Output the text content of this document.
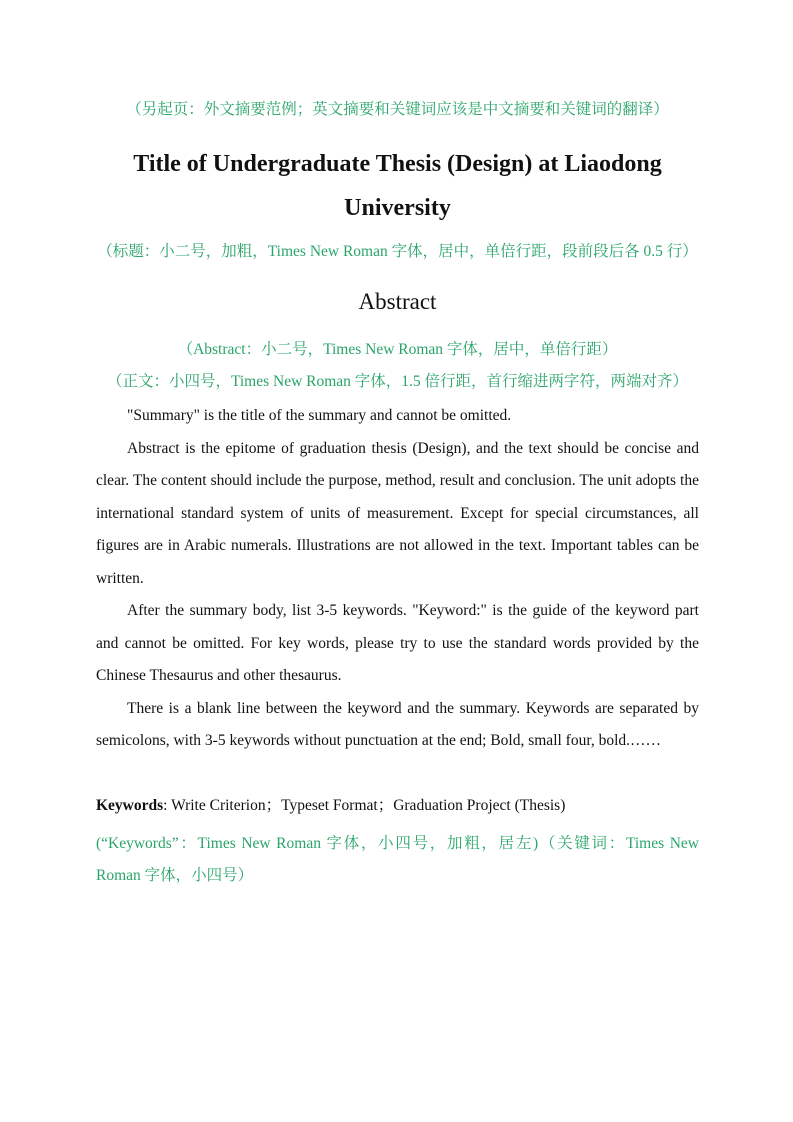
（另起页：外文摘要范例；英文摘要和关键词应该是中文摘要和关键词的翻译）
Title of Undergraduate Thesis (Design) at Liaodong
University
（标题：小二号，加粗，Times New Roman 字体，居中，单倍行距，段前段后各 0.5 行）
Abstract
（Abstract：小二号，Times New Roman 字体，居中，单倍行距）
（正文：小四号，Times New Roman 字体，1.5 倍行距，首行缩进两字符，两端对齐）

"Summary" is the title of the summary and cannot be omitted.

Abstract is the epitome of graduation thesis (Design), and the text should be concise and clear. The content should include the purpose, method, result and conclusion. The unit adopts the international standard system of units of measurement. Except for special circumstances, all figures are in Arabic numerals. Illustrations are not allowed in the text. Important tables can be written.

After the summary body, list 3-5 keywords. "Keyword:" is the guide of the keyword part and cannot be omitted. For key words, please try to use the standard words provided by the Chinese Thesaurus and other thesaurus.

There is a blank line between the keyword and the summary. Keywords are separated by semicolons, with 3-5 keywords without punctuation at the end; Bold, small four, bold.……

Keywords: Write Criterion；Typeset Format；Graduation Project (Thesis)
(“Keywords”：Times New Roman 字体，小四号，加粗，居左)（关键词：Times New Roman 字体，小四号）
